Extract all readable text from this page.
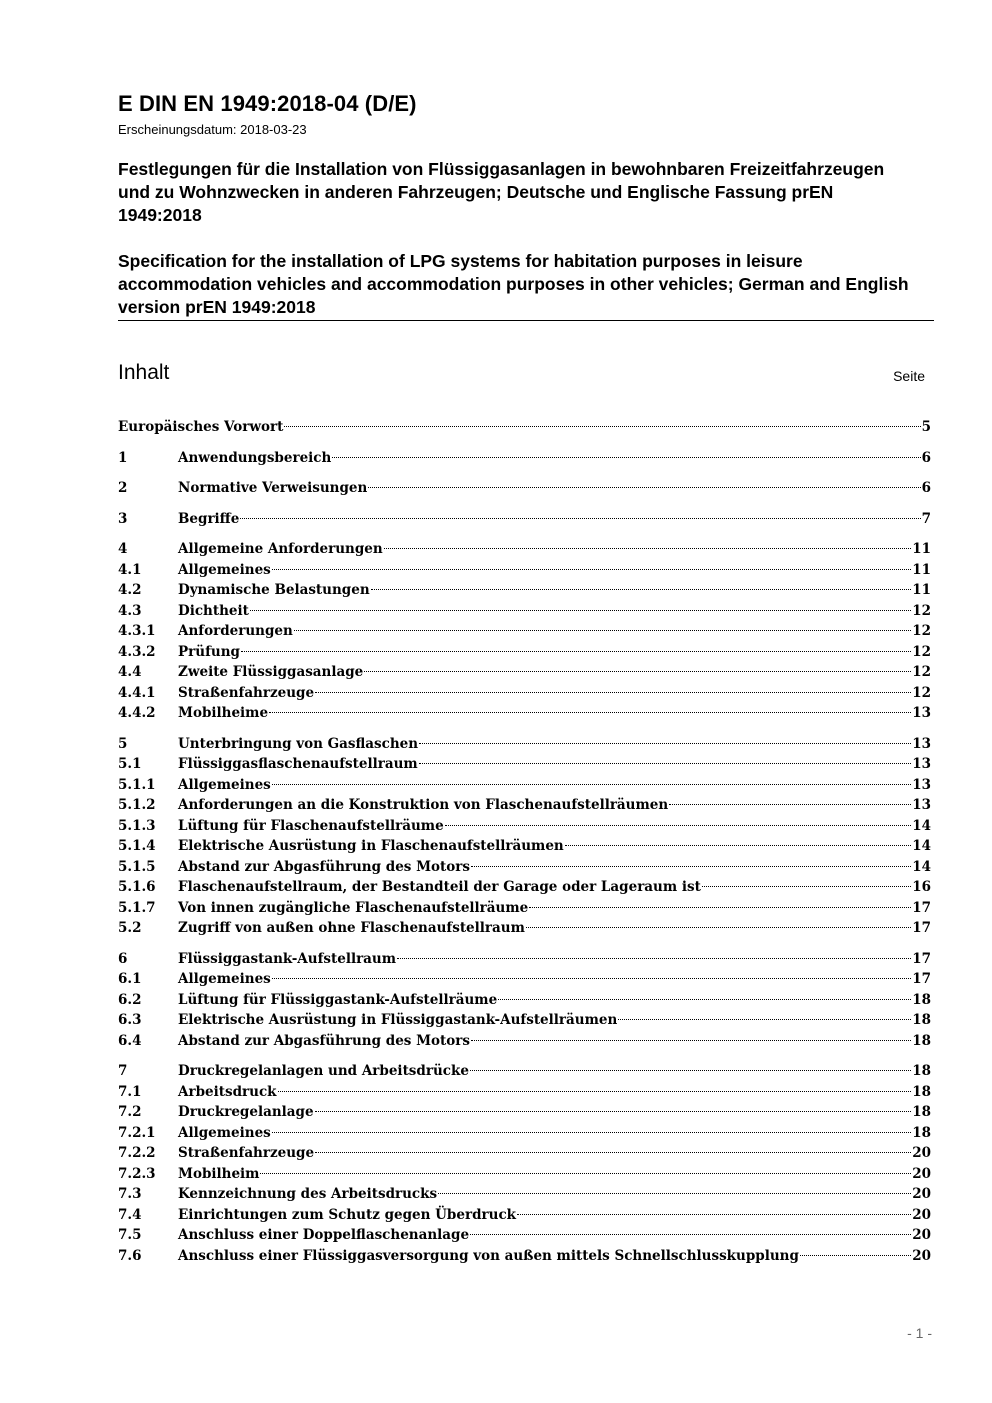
E DIN EN 1949:2018-04 (D/E)
Erscheinungsdatum: 2018-03-23

Festlegungen für die Installation von Flüssiggasanlagen in bewohnbaren Freizeitfahrzeugen und zu Wohnzwecken in anderen Fahrzeugen; Deutsche und Englische Fassung prEN 1949:2018

Specification for the installation of LPG systems for habitation purposes in leisure accommodation vehicles and accommodation purposes in other vehicles; German and English version prEN 1949:2018

Inhalt	Seite
Europäisches Vorwort	5
1	Anwendungsbereich	6
2	Normative Verweisungen	6
3	Begriffe	7
4	Allgemeine Anforderungen	11
4.1	Allgemeines	11
4.2	Dynamische Belastungen	11
4.3	Dichtheit	12
4.3.1	Anforderungen	12
4.3.2	Prüfung	12
4.4	Zweite Flüssiggasanlage	12
4.4.1	Straßenfahrzeuge	12
4.4.2	Mobilheime	13
5	Unterbringung von Gasflaschen	13
5.1	Flüssiggasflaschenaufstellraum	13
5.1.1	Allgemeines	13
5.1.2	Anforderungen an die Konstruktion von Flaschenaufstellräumen	13
5.1.3	Lüftung für Flaschenaufstellräume	14
5.1.4	Elektrische Ausrüstung in Flaschenaufstellräumen	14
5.1.5	Abstand zur Abgasführung des Motors	14
5.1.6	Flaschenaufstellraum, der Bestandteil der Garage oder Lageraum ist	16
5.1.7	Von innen zugängliche Flaschenaufstellräume	17
5.2	Zugriff von außen ohne Flaschenaufstellraum	17
6	Flüssiggastank-Aufstellraum	17
6.1	Allgemeines	17
6.2	Lüftung für Flüssiggastank-Aufstellräume	18
6.3	Elektrische Ausrüstung in Flüssiggastank-Aufstellräumen	18
6.4	Abstand zur Abgasführung des Motors	18
7	Druckregelanlagen und Arbeitsdrücke	18
7.1	Arbeitsdruck	18
7.2	Druckregelanlage	18
7.2.1	Allgemeines	18
7.2.2	Straßenfahrzeuge	20
7.2.3	Mobilheim	20
7.3	Kennzeichnung des Arbeitsdrucks	20
7.4	Einrichtungen zum Schutz gegen Überdruck	20
7.5	Anschluss einer Doppelflaschenanlage	20
7.6	Anschluss einer Flüssiggasversorgung von außen mittels Schnellschlusskupplung	20
- 1 -
